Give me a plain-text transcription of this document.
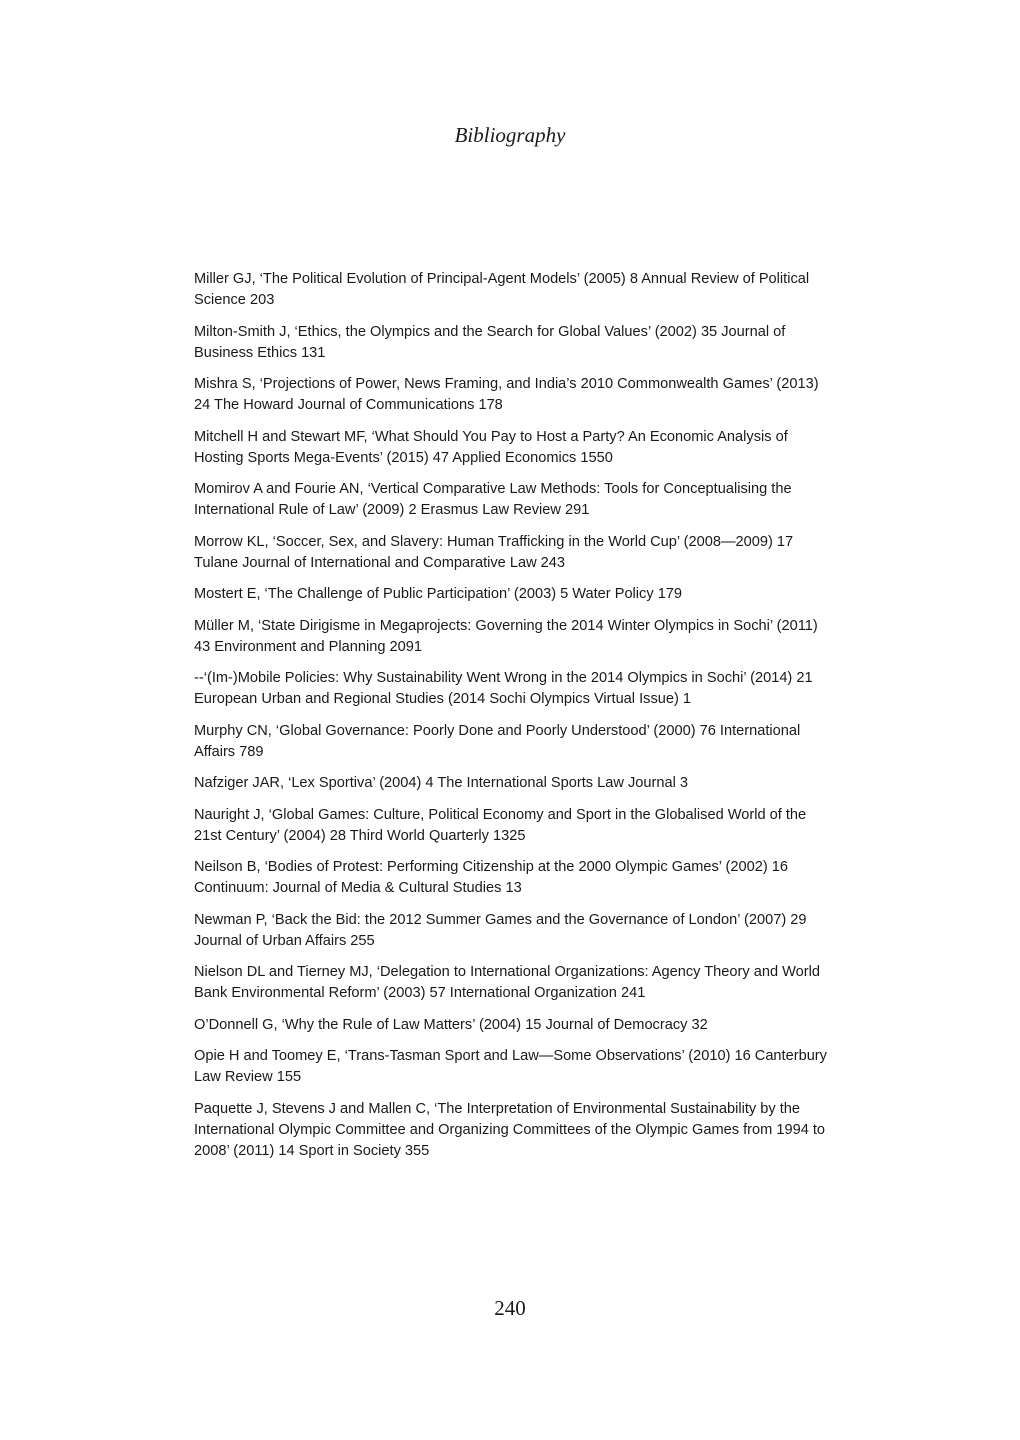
Bibliography
Miller GJ, ‘The Political Evolution of Principal-Agent Models’ (2005) 8 Annual Review of Political Science 203
Milton-Smith J, ‘Ethics, the Olympics and the Search for Global Values’ (2002) 35 Journal of Business Ethics 131
Mishra S, ‘Projections of Power, News Framing, and India’s 2010 Commonwealth Games’ (2013) 24 The Howard Journal of Communications 178
Mitchell H and Stewart MF, ‘What Should You Pay to Host a Party? An Economic Analysis of Hosting Sports Mega-Events’ (2015) 47 Applied Economics 1550
Momirov A and Fourie AN, ‘Vertical Comparative Law Methods: Tools for Conceptualising the International Rule of Law’ (2009) 2 Erasmus Law Review 291
Morrow KL, ‘Soccer, Sex, and Slavery: Human Trafficking in the World Cup’ (2008—2009) 17 Tulane Journal of International and Comparative Law 243
Mostert E, ‘The Challenge of Public Participation’ (2003) 5 Water Policy 179
Müller M, ‘State Dirigisme in Megaprojects: Governing the 2014 Winter Olympics in Sochi’ (2011) 43 Environment and Planning 2091
--‘(Im-)Mobile Policies: Why Sustainability Went Wrong in the 2014 Olympics in Sochi’ (2014) 21 European Urban and Regional Studies (2014 Sochi Olympics Virtual Issue) 1
Murphy CN, ‘Global Governance: Poorly Done and Poorly Understood’ (2000) 76 International Affairs 789
Nafziger JAR, ‘Lex Sportiva’ (2004) 4 The International Sports Law Journal 3
Nauright J, ‘Global Games: Culture, Political Economy and Sport in the Globalised World of the 21st Century’ (2004) 28 Third World Quarterly 1325
Neilson B, ‘Bodies of Protest: Performing Citizenship at the 2000 Olympic Games’ (2002) 16 Continuum: Journal of Media & Cultural Studies 13
Newman P, ‘Back the Bid: the 2012 Summer Games and the Governance of London’ (2007) 29 Journal of Urban Affairs 255
Nielson DL and Tierney MJ, ‘Delegation to International Organizations: Agency Theory and World Bank Environmental Reform’ (2003) 57 International Organization 241
O’Donnell G, ‘Why the Rule of Law Matters’ (2004) 15 Journal of Democracy 32
Opie H and Toomey E, ‘Trans-Tasman Sport and Law—Some Observations’ (2010) 16 Canterbury Law Review 155
Paquette J, Stevens J and Mallen C, ‘The Interpretation of Environmental Sustainability by the International Olympic Committee and Organizing Committees of the Olympic Games from 1994 to 2008’ (2011) 14 Sport in Society 355
240
